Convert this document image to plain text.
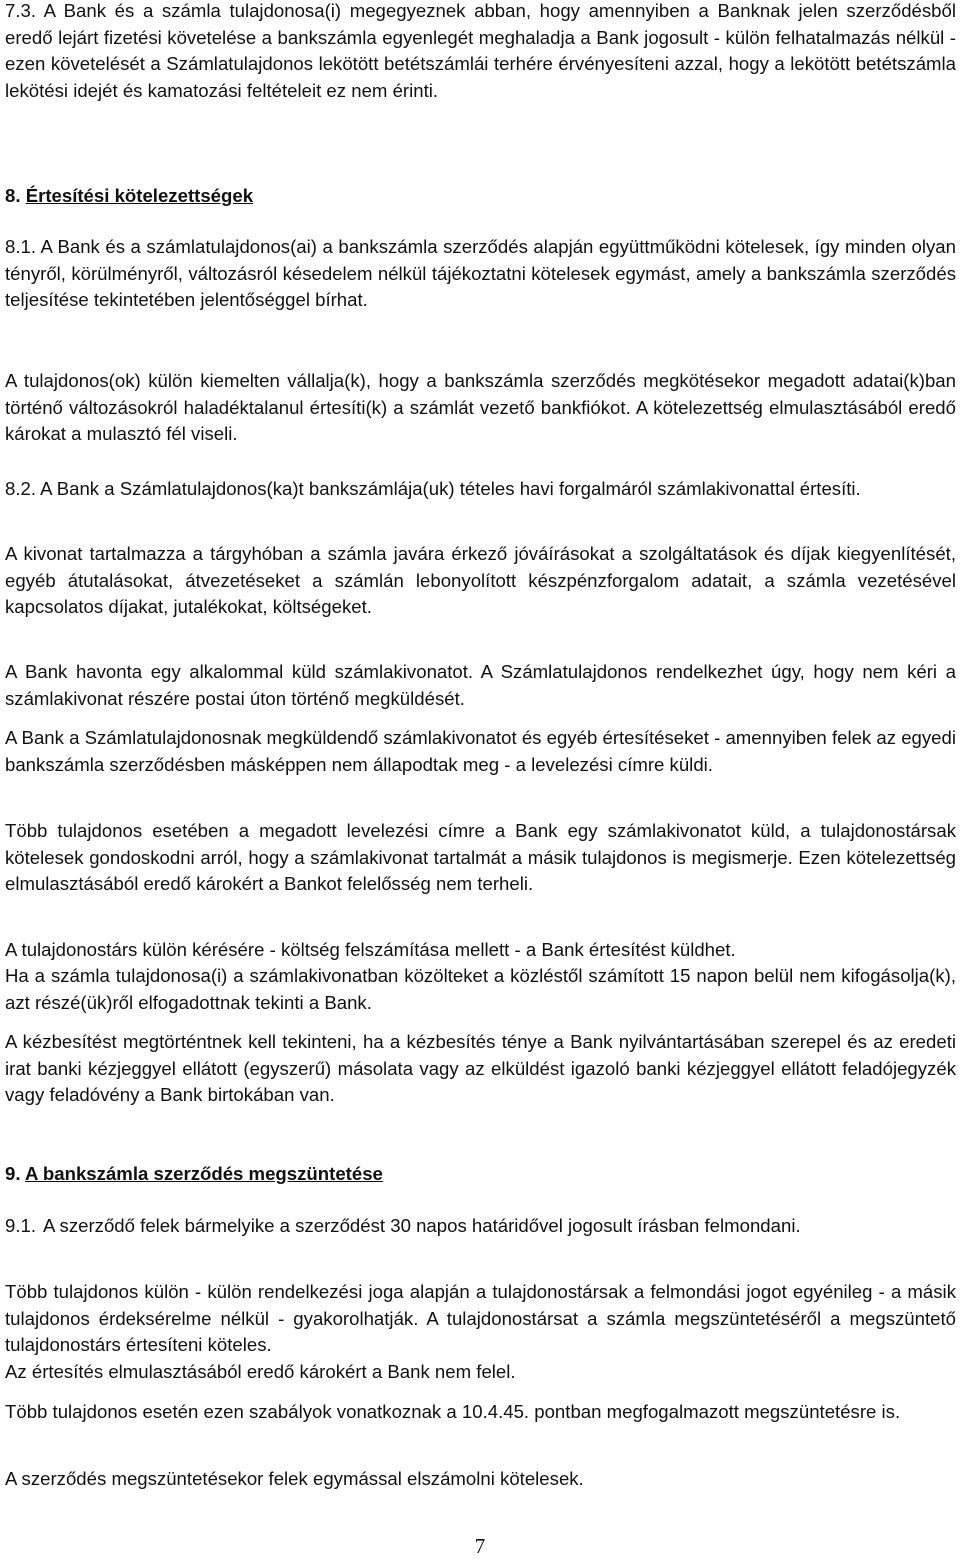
7.3. A Bank és a számla tulajdonosa(i) megegyeznek abban, hogy amennyiben a Banknak jelen szerződésből eredő lejárt fizetési követelése a bankszámla egyenlegét meghaladja a Bank jogosult - külön felhatalmazás nélkül - ezen követelését a Számlatulajdonos lekötött betétszámlái terhére érvényesíteni azzal, hogy a lekötött betétszámla lekötési idejét és kamatozási feltételeit ez nem érinti.

8. Értesítési kötelezettségek

8.1. A Bank és a számlatulajdonos(ai) a bankszámla szerződés alapján együttműködni kötelesek, így minden olyan tényről, körülményről, változásról késedelem nélkül tájékoztatni kötelesek egymást, amely a bankszámla szerződés teljesítése tekintetében jelentőséggel bírhat.

A tulajdonos(ok) külön kiemelten vállalja(k), hogy a bankszámla szerződés megkötésekor megadott adatai(k)ban történő változásokról haladéktalanul értesíti(k) a számlát vezető bankfiókot. A kötelezettség elmulasztásából eredő károkat a mulasztó fél viseli.

8.2. A Bank a Számlatulajdonos(ka)t bankszámlája(uk) tételes havi forgalmáról számlakivonattal értesíti.

A kivonat tartalmazza a tárgyhóban a számla javára érkező jóváírásokat a szolgáltatások és díjak kiegyenlítését, egyéb átutalásokat, átvezetéseket a számlán lebonyolított készpénzforgalom adatait, a számla vezetésével kapcsolatos díjakat, jutalékokat, költségeket.

A Bank havonta egy alkalommal küld számlakivonatot. A Számlatulajdonos rendelkezhet úgy, hogy nem kéri a számlakivonat részére postai úton történő megküldését.

A Bank a Számlatulajdonosnak megküldendő számlakivonatot és egyéb értesítéseket - amennyiben felek az egyedi bankszámla szerződésben másképpen nem állapodtak meg - a levelezési címre küldi.

Több tulajdonos esetében a megadott levelezési címre a Bank egy számlakivonatot küld, a tulajdonostársak kötelesek gondoskodni arról, hogy a számlakivonat tartalmát a másik tulajdonos is megismerje. Ezen kötelezettség elmulasztásából eredő károkért a Bankot felelősség nem terheli.

A tulajdonostárs külön kérésére - költség felszámítása mellett - a Bank értesítést küldhet.

Ha a számla tulajdonosa(i) a számlakivonatban közölteket a közléstől számított 15 napon belül nem kifogásolja(k), azt részé(ük)ről elfogadottnak tekinti a Bank.

A kézbesítést megtörténtnek kell tekinteni, ha a kézbesítés ténye a Bank nyilvántartásában szerepel és az eredeti irat banki kézjeggyel ellátott (egyszerű) másolata vagy az elküldést igazoló banki kézjeggyel ellátott feladójegyzék vagy feladóvény a Bank birtokában van.

9. A bankszámla szerződés megszüntetése

9.1. A szerződő felek bármelyike a szerződést 30 napos határidővel jogosult írásban felmondani.

Több tulajdonos külön - külön rendelkezési joga alapján a tulajdonostársak a felmondási jogot egyénileg - a másik tulajdonos érdeksérelme nélkül - gyakorolhatják. A tulajdonostársat a számla megszüntetéséről a megszüntető tulajdonostárs értesíteni köteles.

Az értesítés elmulasztásából eredő károkért a Bank nem felel.

Több tulajdonos esetén ezen szabályok vonatkoznak a 10.4.45. pontban megfogalmazott megszüntetésre is.

A szerződés megszüntetésekor felek egymással elszámolni kötelesek.

7
